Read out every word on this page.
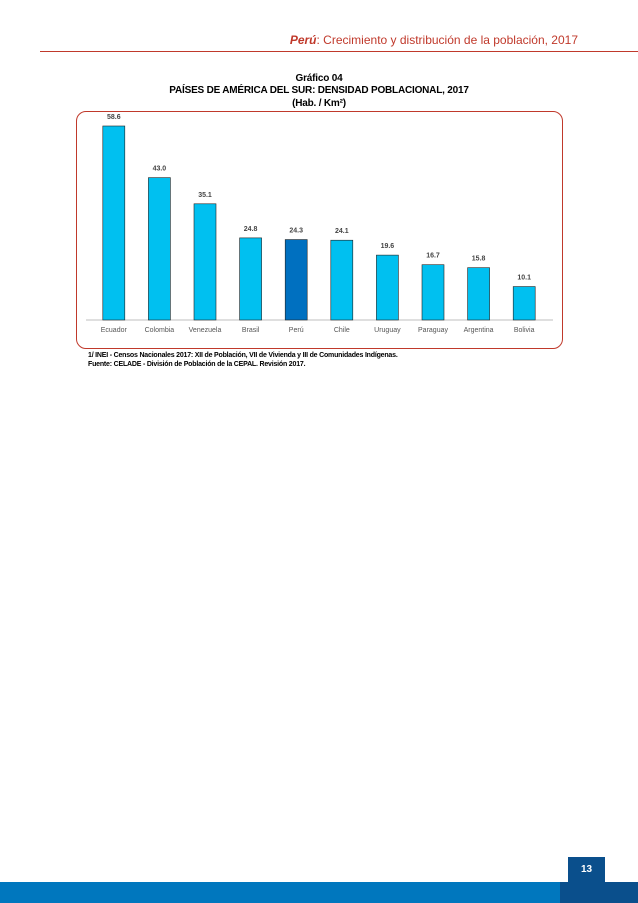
Perú: Crecimiento y distribución de la población, 2017
Gráfico 04
PAÍSES DE AMÉRICA DEL SUR: DENSIDAD POBLACIONAL, 2017
(Hab. / Km²)
58.6
Ecuador
43.0
Colombia
35.1
Venezuela
24.8
Brasil
24.3
Perú
24.1
Chile
19.6
Uruguay
16.7
Paraguay
15.8
Argentina
10.1
Bolivia
1/ INEI - Censos Nacionales 2017: XII de Población, VII de Vivienda y III de Comunidades Indígenas.
Fuente: CELADE - División de Población de la CEPAL. Revisión 2017.
13
